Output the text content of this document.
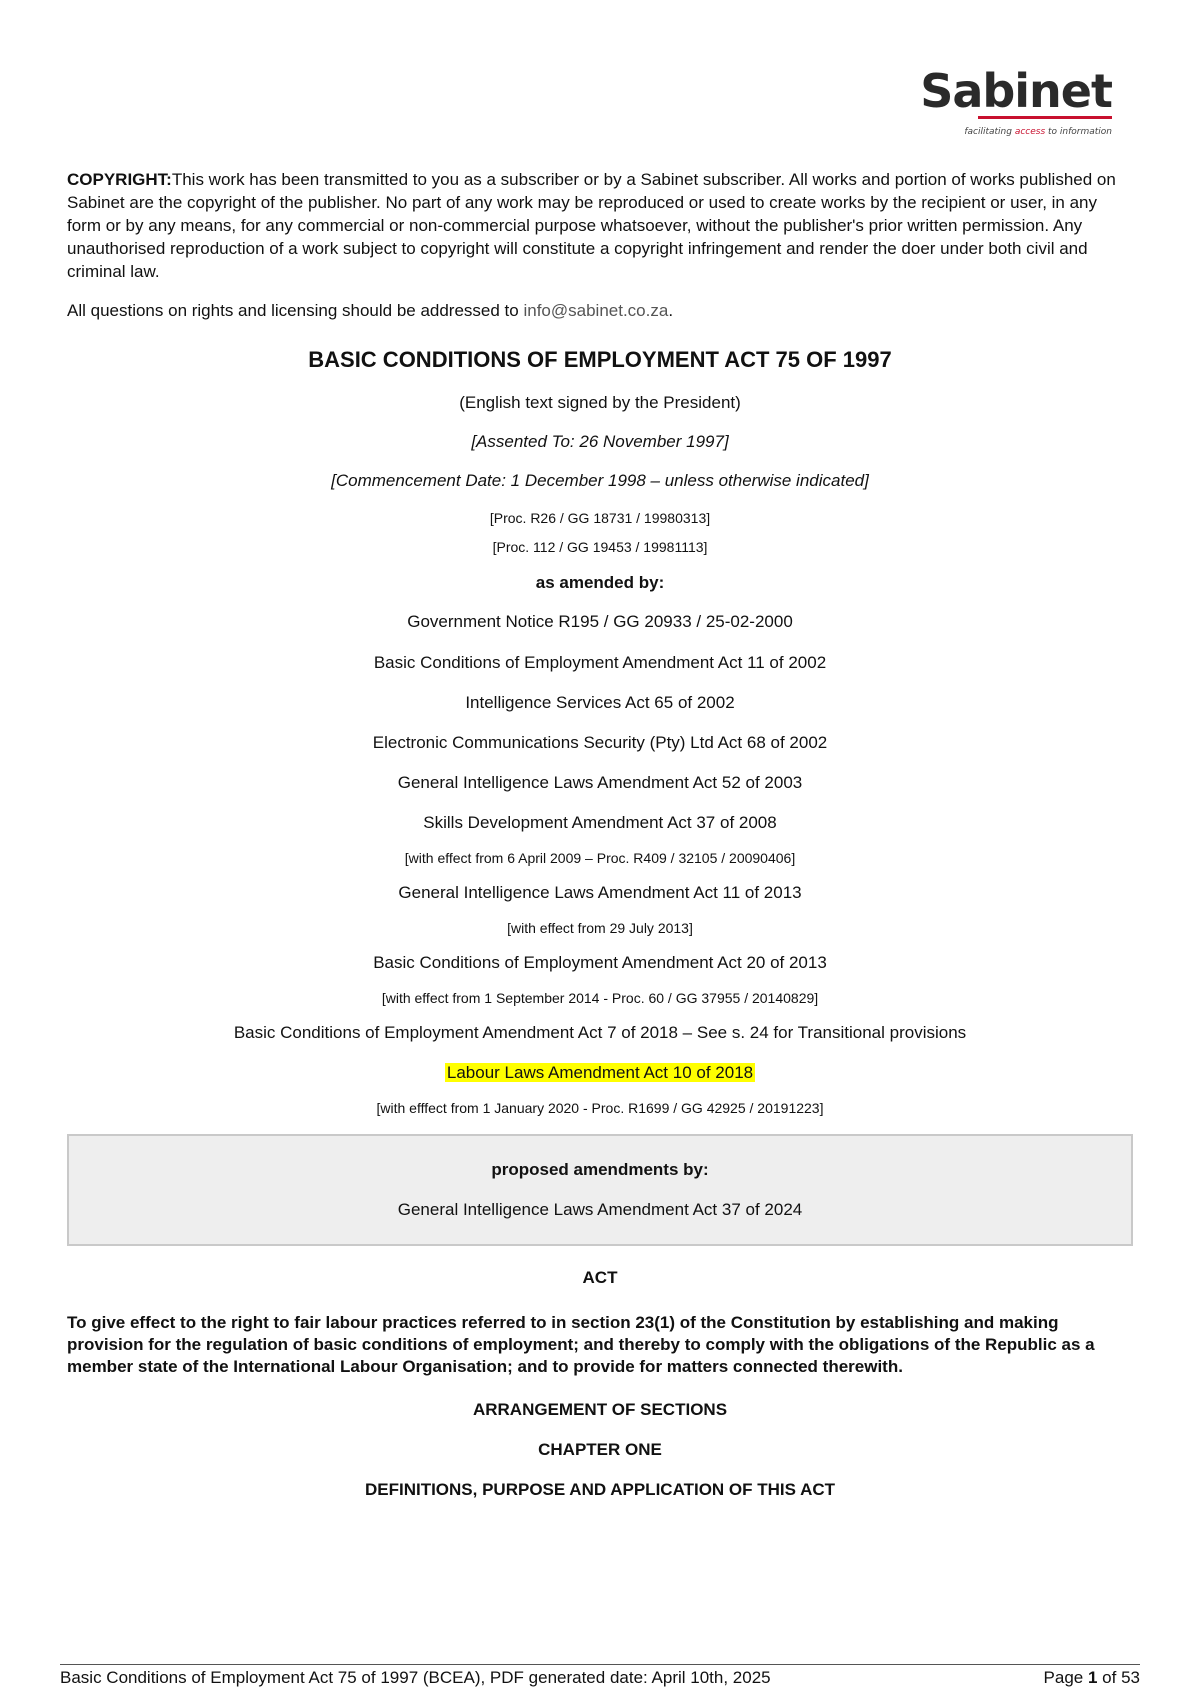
Sabinet
facilitating access to information

COPYRIGHT:This work has been transmitted to you as a subscriber or by a Sabinet subscriber. All works and portion of works published on Sabinet are the copyright of the publisher. No part of any work may be reproduced or used to create works by the recipient or user, in any form or by any means, for any commercial or non-commercial purpose whatsoever, without the publisher's prior written permission. Any unauthorised reproduction of a work subject to copyright will constitute a copyright infringement and render the doer under both civil and criminal law.

All questions on rights and licensing should be addressed to info@sabinet.co.za.
BASIC CONDITIONS OF EMPLOYMENT ACT 75 OF 1997
(English text signed by the President)
[Assented To: 26 November 1997]
[Commencement Date: 1 December 1998 – unless otherwise indicated]
[Proc. R26 / GG 18731 / 19980313]
[Proc. 112 / GG 19453 / 19981113]
as amended by:
Government Notice R195 / GG 20933 / 25-02-2000
Basic Conditions of Employment Amendment Act 11 of 2002
Intelligence Services Act 65 of 2002
Electronic Communications Security (Pty) Ltd Act 68 of 2002
General Intelligence Laws Amendment Act 52 of 2003
Skills Development Amendment Act 37 of 2008
[with effect from 6 April 2009 – Proc. R409 / 32105 / 20090406]
General Intelligence Laws Amendment Act 11 of 2013
[with effect from 29 July 2013]
Basic Conditions of Employment Amendment Act 20 of 2013
[with effect from 1 September 2014 - Proc. 60 / GG 37955 / 20140829]
Basic Conditions of Employment Amendment Act 7 of 2018 – See s. 24 for Transitional provisions
Labour Laws Amendment Act 10 of 2018
[with efffect from 1 January 2020 - Proc. R1699 / GG 42925 / 20191223]
proposed amendments by:
General Intelligence Laws Amendment Act 37 of 2024
ACT
To give effect to the right to fair labour practices referred to in section 23(1) of the Constitution by establishing and making provision for the regulation of basic conditions of employment; and thereby to comply with the obligations of the Republic as a member state of the International Labour Organisation; and to provide for matters connected therewith.
ARRANGEMENT OF SECTIONS
CHAPTER ONE
DEFINITIONS, PURPOSE AND APPLICATION OF THIS ACT
Basic Conditions of Employment Act 75 of 1997 (BCEA), PDF generated date: April 10th, 2025	Page 1 of 53
